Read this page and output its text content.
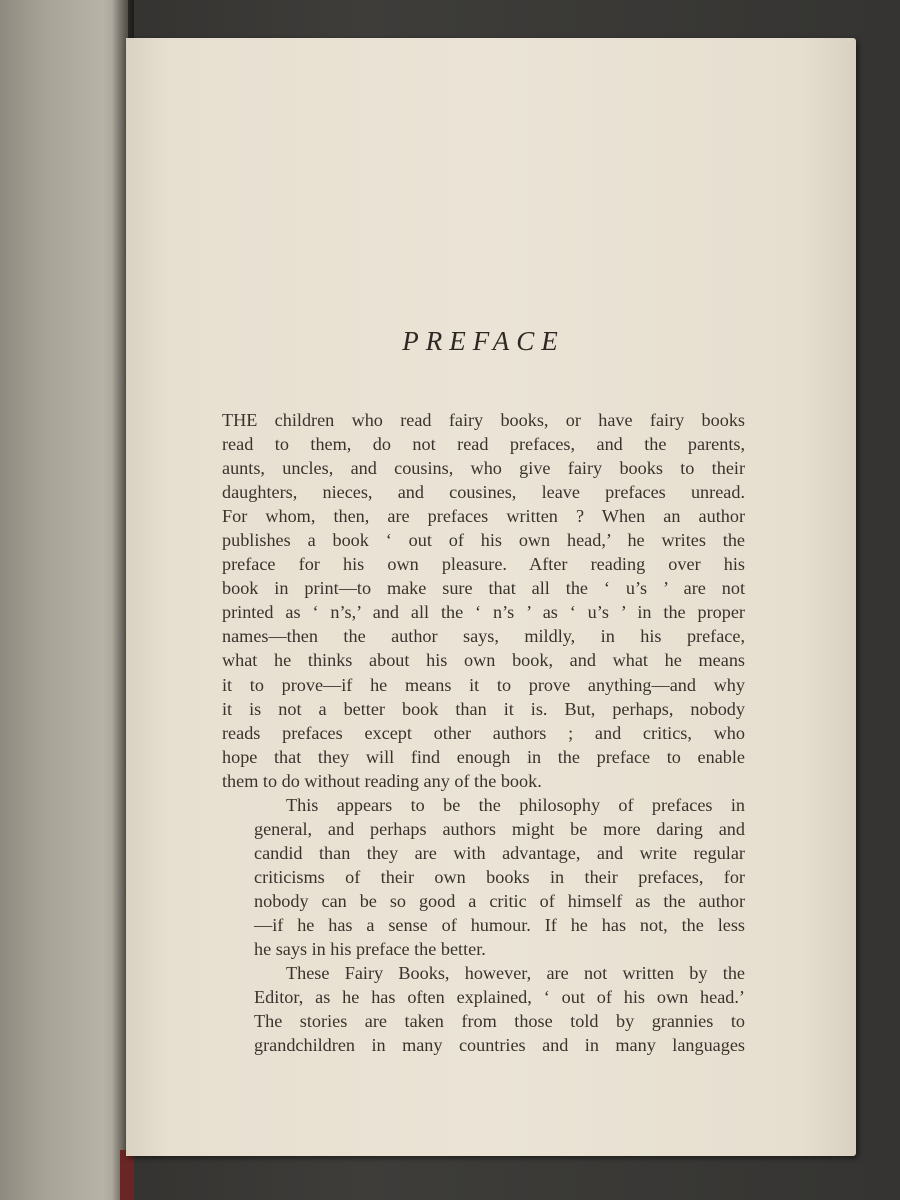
PREFACE

THE children who read fairy books, or have fairy books
read to them, do not read prefaces, and the parents,
aunts, uncles, and cousins, who give fairy books to their
daughters, nieces, and cousines, leave prefaces unread.
For whom, then, are prefaces written ? When an author
publishes a book ‘ out of his own head,’ he writes the
preface for his own pleasure. After reading over his
book in print—to make sure that all the ‘ u’s ’ are not
printed as ‘ n’s,’ and all the ‘ n’s ’ as ‘ u’s ’ in the proper
names—then the author says, mildly, in his preface,
what he thinks about his own book, and what he means
it to prove—if he means it to prove anything—and why
it is not a better book than it is. But, perhaps, nobody
reads prefaces except other authors ; and critics, who
hope that they will find enough in the preface to enable
them to do without reading any of the book.

This appears to be the philosophy of prefaces in
general, and perhaps authors might be more daring and
candid than they are with advantage, and write regular
criticisms of their own books in their prefaces, for
nobody can be so good a critic of himself as the author
—if he has a sense of humour. If he has not, the less
he says in his preface the better.

These Fairy Books, however, are not written by the
Editor, as he has often explained, ‘ out of his own head.’
The stories are taken from those told by grannies to
grandchildren in many countries and in many languages
